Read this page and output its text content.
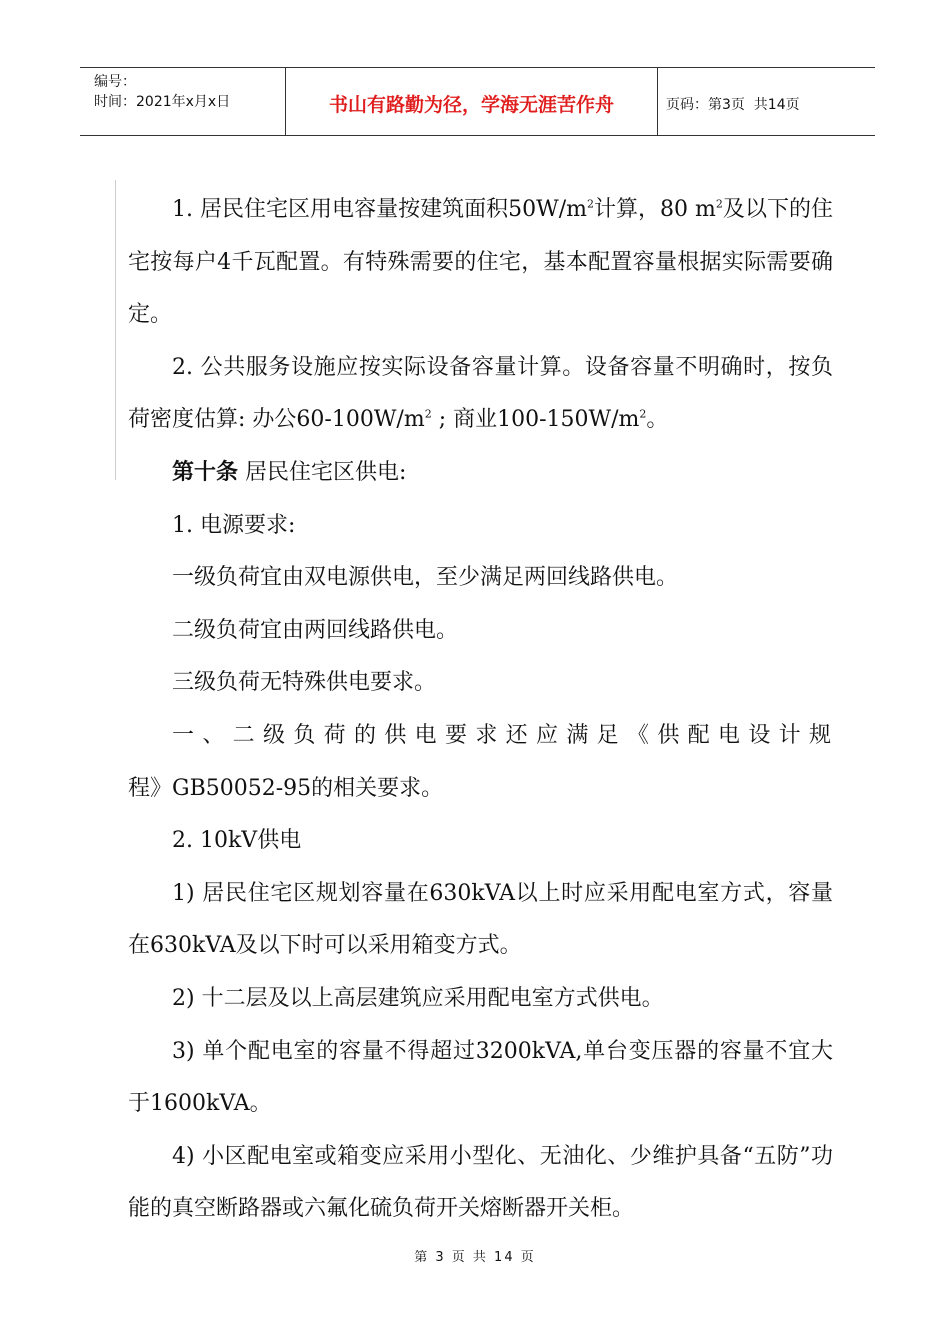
编号：
时间：2021年x月x日	书山有路勤为径，学海无涯苦作舟	页码：第3页  共14页

1. 居民住宅区用电容量按建筑面积$50W/m^2$计算，80 $m^2$及以下的住宅按每户4千瓦配置。有特殊需要的住宅，基本配置容量根据实际需要确定。

2. 公共服务设施应按实际设备容量计算。设备容量不明确时，按负荷密度估算: 办公$60-100W/m^2$ ; 商业$100-150W/m^2$。

第十条 居民住宅区供电:

1. 电源要求:

一级负荷宜由双电源供电，至少满足两回线路供电。

二级负荷宜由两回线路供电。

三级负荷无特殊供电要求。

一、二级负荷的供电要求还应满足《供配电设计规

程》GB50052-95的相关要求。

2. 10kV供电

1) 居民住宅区规划容量在630kVA以上时应采用配电室方式，容量在630kVA及以下时可以采用箱变方式。

2) 十二层及以上高层建筑应采用配电室方式供电。

3) 单个配电室的容量不得超过3200kVA,单台变压器的容量不宜大于1600kVA。

4) 小区配电室或箱变应采用小型化、无油化、少维护具备“五防”功能的真空断路器或六氟化硫负荷开关熔断器开关柜。

第 3 页 共 14 页
